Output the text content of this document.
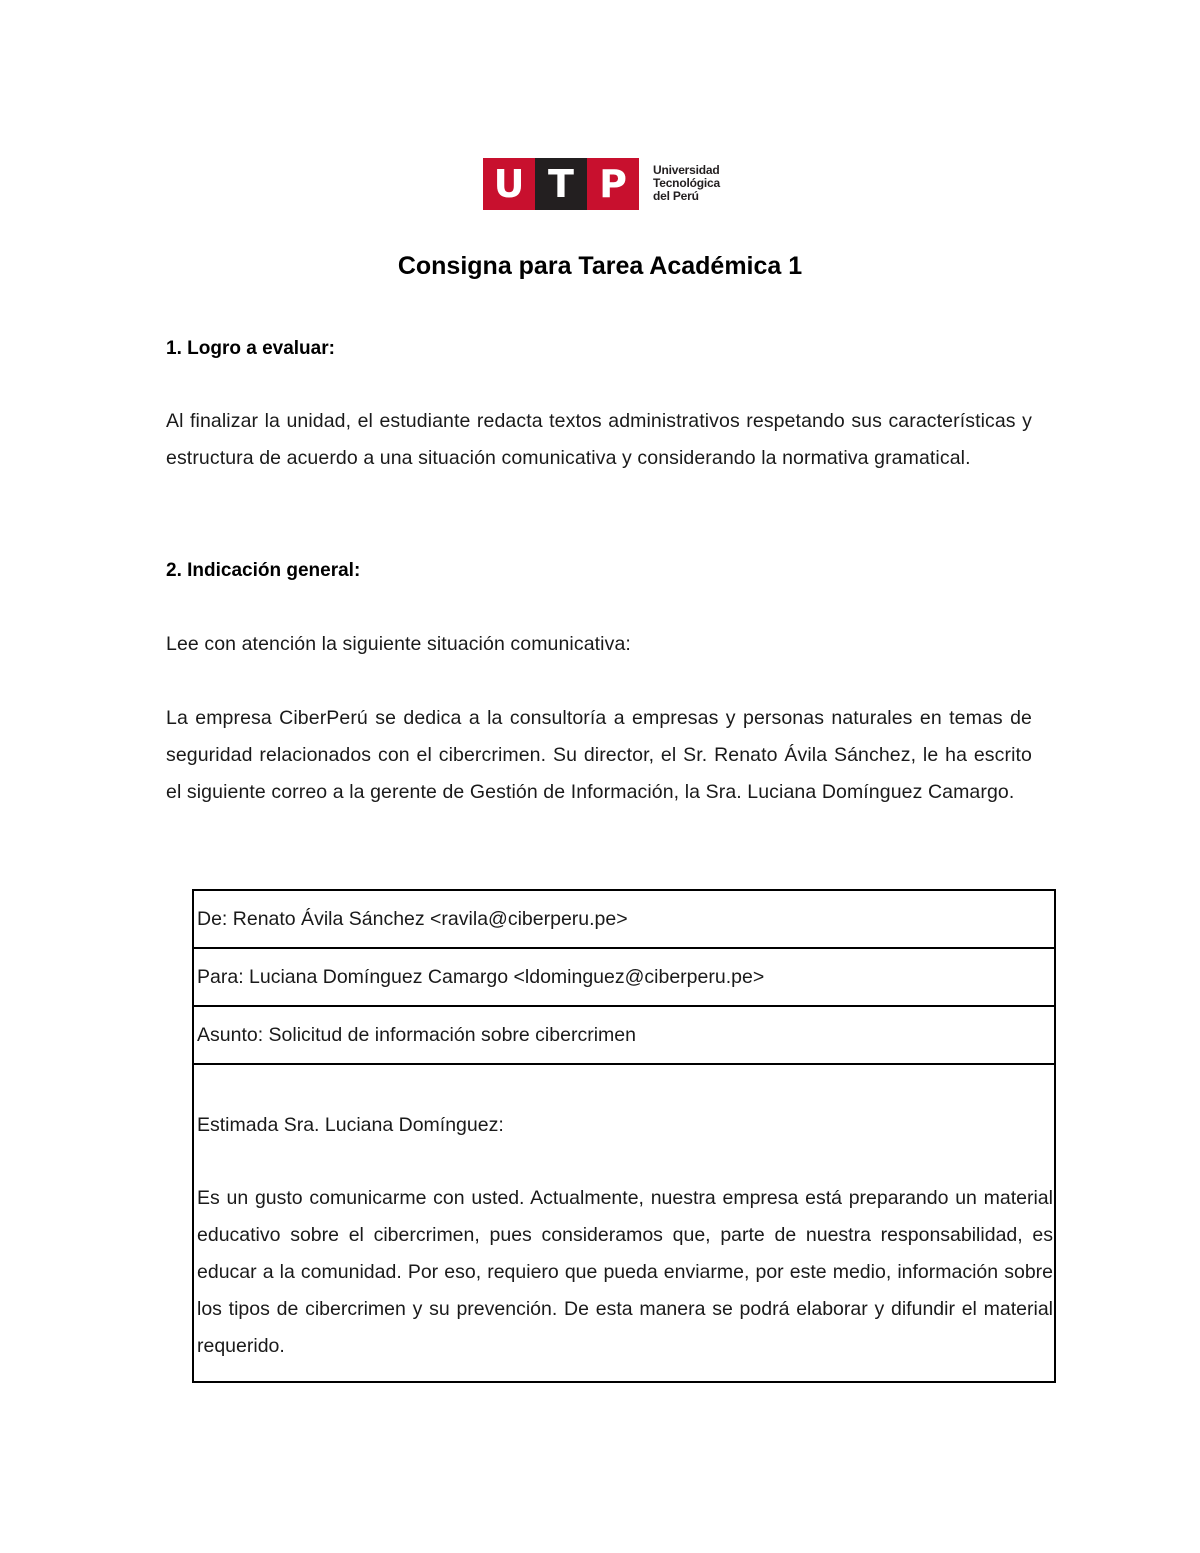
U T P	Universidad
Tecnológica
del Perú
Consigna para Tarea Académica 1
1. Logro a evaluar:

Al finalizar la unidad, el estudiante redacta textos administrativos respetando sus características y estructura de acuerdo a una situación comunicativa y considerando la normativa gramatical.

2. Indicación general:

Lee con atención la siguiente situación comunicativa:

La empresa CiberPerú se dedica a la consultoría a empresas y personas naturales en temas de seguridad relacionados con el cibercrimen. Su director, el Sr. Renato Ávila Sánchez, le ha escrito el siguiente correo a la gerente de Gestión de Información, la Sra. Luciana Domínguez Camargo.

De: Renato Ávila Sánchez <ravila@ciberperu.pe>
Para: Luciana Domínguez Camargo <ldominguez@ciberperu.pe>
Asunto: Solicitud de información sobre cibercrimen

Estimada Sra. Luciana Domínguez:

Es un gusto comunicarme con usted. Actualmente, nuestra empresa está preparando un material educativo sobre el cibercrimen, pues consideramos que, parte de nuestra responsabilidad, es educar a la comunidad. Por eso, requiero que pueda enviarme, por este medio, información sobre los tipos de cibercrimen y su prevención. De esta manera se podrá elaborar y difundir el material requerido.
